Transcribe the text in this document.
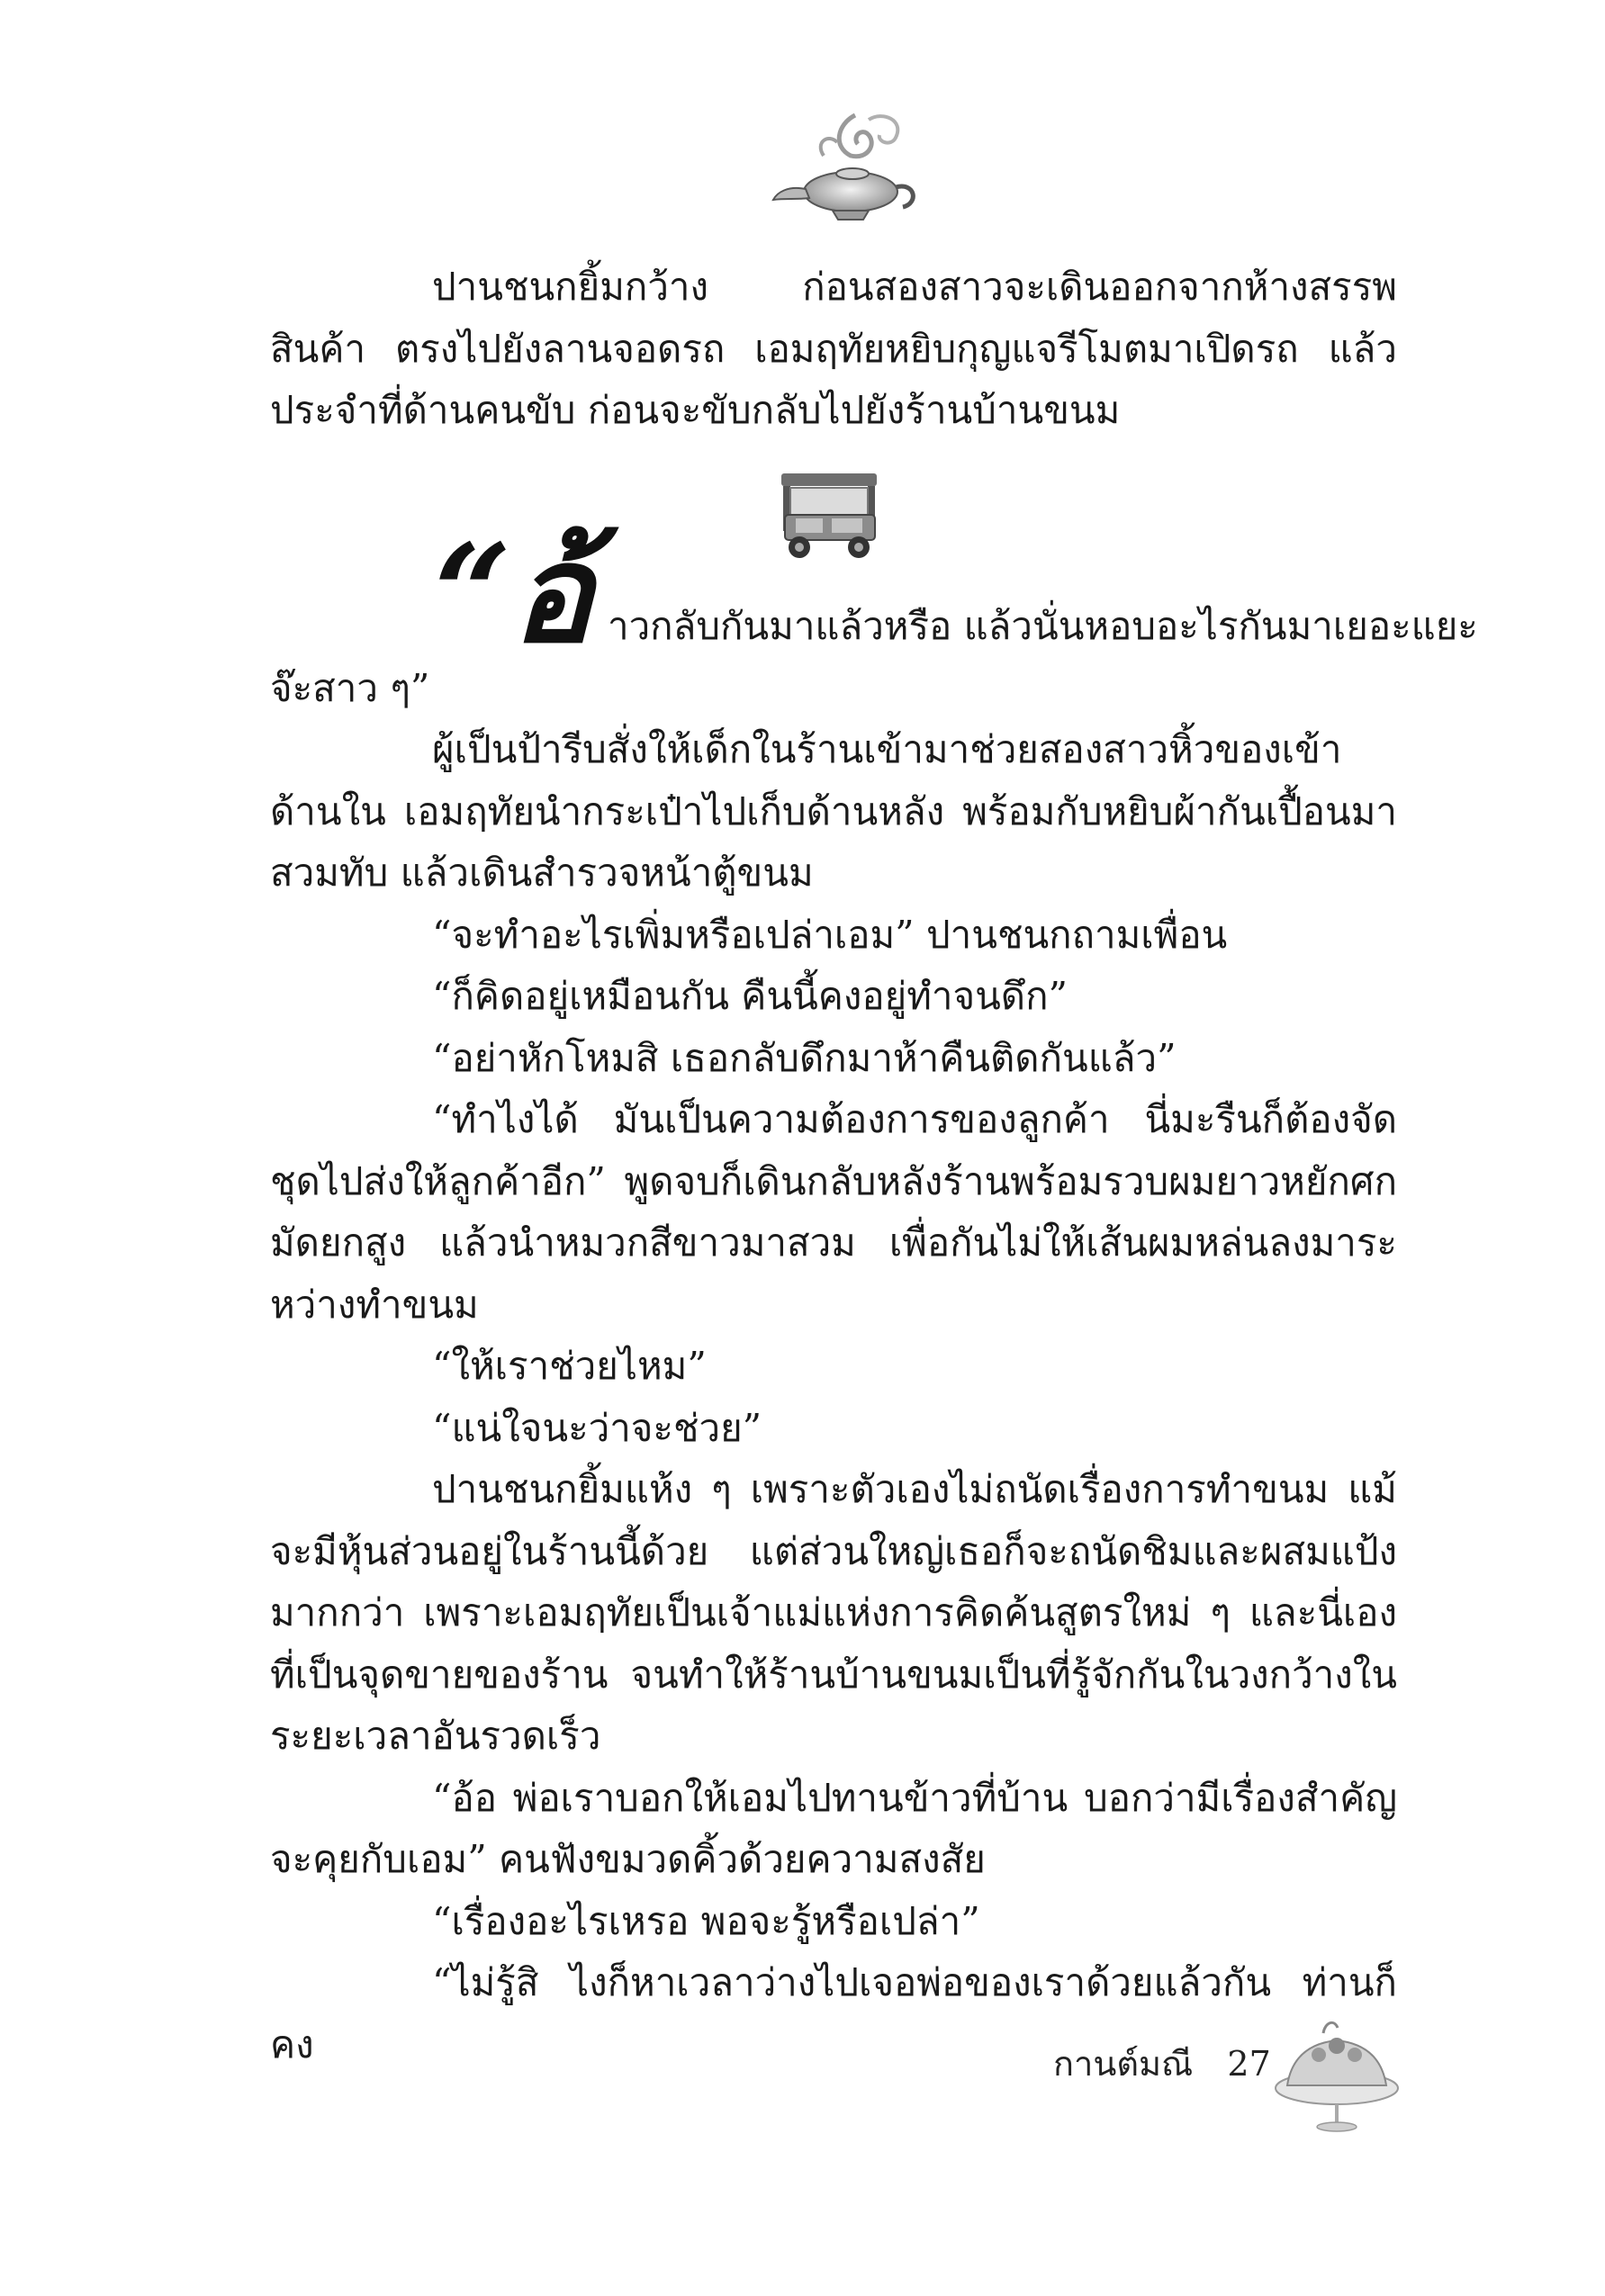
ปานชนกยิ้มกว้าง ก่อนสองสาวจะเดินออกจากห้างสรรพสินค้า ตรงไปยังลานจอดรถ เอมฤทัยหยิบกุญแจรีโมตมาเปิดรถ แล้วประจำที่ด้านคนขับ ก่อนจะขับกลับไปยังร้านบ้านขนม

“อ้ าวกลับกันมาแล้วหรือ แล้วนั่นหอบอะไรกันมาเยอะแยะ

จ๊ะสาว ๆ”

ผู้เป็นป้ารีบสั่งให้เด็กในร้านเข้ามาช่วยสองสาวหิ้วของเข้าด้านใน เอมฤทัยนำกระเป๋าไปเก็บด้านหลัง พร้อมกับหยิบผ้ากันเปื้อนมาสวมทับ แล้วเดินสำรวจหน้าตู้ขนม

“จะทำอะไรเพิ่มหรือเปล่าเอม” ปานชนกถามเพื่อน

“ก็คิดอยู่เหมือนกัน คืนนี้คงอยู่ทำจนดึก”

“อย่าหักโหมสิ เธอกลับดึกมาห้าคืนติดกันแล้ว”

“ทำไงได้ มันเป็นความต้องการของลูกค้า นี่มะรืนก็ต้องจัดชุดไปส่งให้ลูกค้าอีก” พูดจบก็เดินกลับหลังร้านพร้อมรวบผมยาวหยักศกมัดยกสูง แล้วนำหมวกสีขาวมาสวม เพื่อกันไม่ให้เส้นผมหล่นลงมาระหว่างทำขนม

“ให้เราช่วยไหม”

“แน่ใจนะว่าจะช่วย”

ปานชนกยิ้มแห้ง ๆ เพราะตัวเองไม่ถนัดเรื่องการทำขนม แม้จะมีหุ้นส่วนอยู่ในร้านนี้ด้วย แต่ส่วนใหญ่เธอก็จะถนัดชิมและผสมแป้งมากกว่า เพราะเอมฤทัยเป็นเจ้าแม่แห่งการคิดค้นสูตรใหม่ ๆ และนี่เองที่เป็นจุดขายของร้าน จนทำให้ร้านบ้านขนมเป็นที่รู้จักกันในวงกว้างในระยะเวลาอันรวดเร็ว

“อ้อ พ่อเราบอกให้เอมไปทานข้าวที่บ้าน บอกว่ามีเรื่องสำคัญจะคุยกับเอม” คนฟังขมวดคิ้วด้วยความสงสัย

“เรื่องอะไรเหรอ พอจะรู้หรือเปล่า”

“ไม่รู้สิ ไงก็หาเวลาว่างไปเจอพ่อของเราด้วยแล้วกัน ท่านก็คง	กานต์มณี 27
